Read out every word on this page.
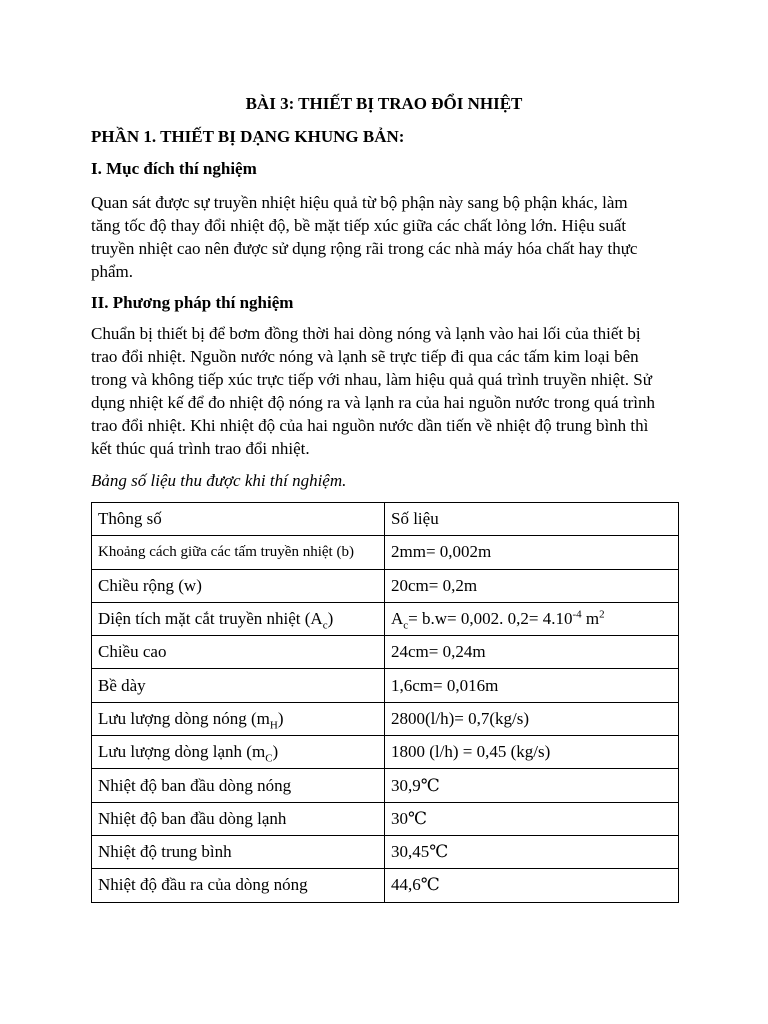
BÀI 3: THIẾT BỊ TRAO ĐỔI NHIỆT
PHẦN 1. THIẾT BỊ DẠNG KHUNG BẢN:
I. Mục đích thí nghiệm
Quan sát được sự truyền nhiệt hiệu quả từ bộ phận này sang bộ phận khác, làm
tăng tốc độ thay đổi nhiệt độ, bề mặt tiếp xúc giữa các chất lỏng lớn. Hiệu suất
truyền nhiệt cao nên được sử dụng rộng rãi trong các nhà máy hóa chất hay thực
phẩm.
II. Phương pháp thí nghiệm
Chuẩn bị thiết bị để bơm đồng thời hai dòng nóng và lạnh vào hai lối của thiết bị
trao đổi nhiệt. Nguồn nước nóng và lạnh sẽ trực tiếp đi qua các tấm kim loại bên
trong và không tiếp xúc trực tiếp với nhau, làm hiệu quả quá trình truyền nhiệt. Sử
dụng nhiệt kế để đo nhiệt độ nóng ra và lạnh ra của hai nguồn nước trong quá trình
trao đổi nhiệt. Khi nhiệt độ của hai nguồn nước dần tiến về nhiệt độ trung bình thì
kết thúc quá trình trao đổi nhiệt.
Bảng số liệu thu được khi thí nghiệm.
Thông số	Số liệu
Khoảng cách giữa các tấm truyền nhiệt (b)	2mm= 0,002m
Chiều rộng (w)	20cm= 0,2m
Diện tích mặt cắt truyền nhiệt $(A_c)$	$A_c= b.w= 0,002$. $0,2= 4.10^{-4}$ $m^2$
Chiều cao	24cm= 0,24m
Bề dày	1,6cm= 0,016m
Lưu lượng dòng nóng $(m_H)$	2800(l/h)= 0,7(kg/s)
Lưu lượng dòng lạnh $(m_C)$	1800 (l/h) = 0,45 (kg/s)
Nhiệt độ ban đầu dòng nóng	30,9℃
Nhiệt độ ban đầu dòng lạnh	30℃
Nhiệt độ trung bình	30,45℃
Nhiệt độ đầu ra của dòng nóng	44,6℃
